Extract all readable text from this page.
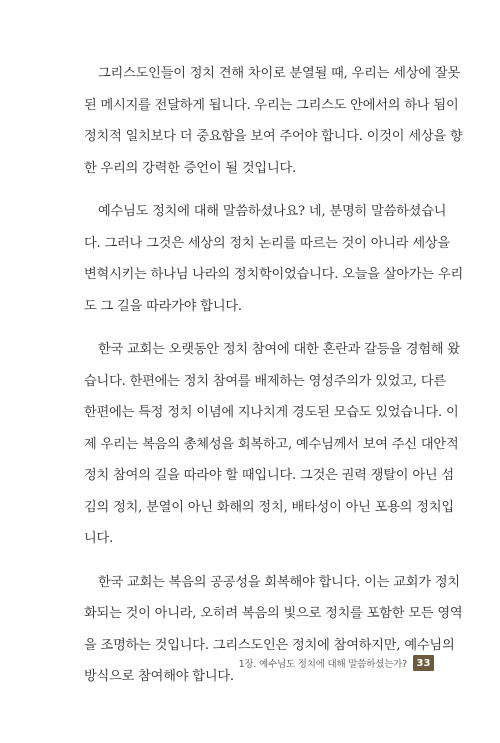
그리스도인들이 정치 견해 차이로 분열될 때, 우리는 세상에 잘못
된 메시지를 전달하게 됩니다. 우리는 그리스도 안에서의 하나 됨이
정치적 일치보다 더 중요함을 보여 주어야 합니다. 이것이 세상을 향
한 우리의 강력한 증언이 될 것입니다.

예수님도 정치에 대해 말씀하셨나요? 네, 분명히 말씀하셨습니
다. 그러나 그것은 세상의 정치 논리를 따르는 것이 아니라 세상을
변혁시키는 하나님 나라의 정치학이었습니다. 오늘을 살아가는 우리
도 그 길을 따라가야 합니다.

한국 교회는 오랫동안 정치 참여에 대한 혼란과 갈등을 경험해 왔
습니다. 한편에는 정치 참여를 배제하는 영성주의가 있었고, 다른
한편에는 특정 정치 이념에 지나치게 경도된 모습도 있었습니다. 이
제 우리는 복음의 총체성을 회복하고, 예수님께서 보여 주신 대안적
정치 참여의 길을 따라야 할 때입니다. 그것은 권력 쟁탈이 아닌 섬
김의 정치, 분열이 아닌 화해의 정치, 배타성이 아닌 포용의 정치입
니다.

한국 교회는 복음의 공공성을 회복해야 합니다. 이는 교회가 정치
화되는 것이 아니라, 오히려 복음의 빛으로 정치를 포함한 모든 영역
을 조명하는 것입니다. 그리스도인은 정치에 참여하지만, 예수님의
방식으로 참여해야 합니다.

1장. 예수님도 정치에 대해 말씀하셨는가? 33
